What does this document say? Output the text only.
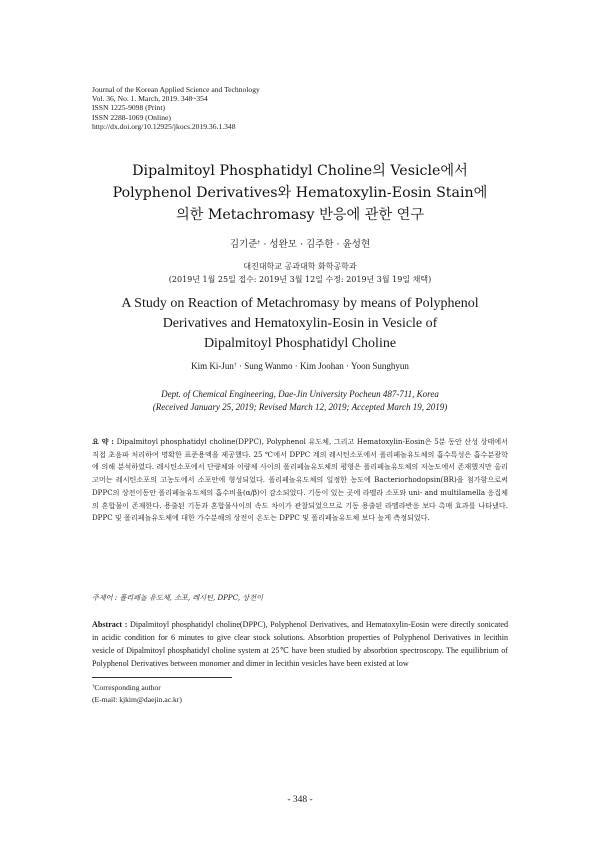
Journal of the Korean Applied Science and Technology
Vol. 36, No. 1. March, 2019. 348~354
ISSN 1225-9098 (Print)
ISSN 2288-1069 (Online)
http://dx.doi.org/10.12925/jkocs.2019.36.1.348
Dipalmitoyl Phosphatidyl Choline의 Vesicle에서
Polyphenol Derivatives와 Hematoxylin-Eosin Stain에
의한 Metachromasy 반응에 관한 연구
김기준† · 성완모 · 김주한 · 윤성현
대진대학교 공과대학 화학공학과
(2019년 1월 25일 접수: 2019년 3월 12일 수정: 2019년 3월 19일 채택)
A Study on Reaction of Metachromasy by means of Polyphenol
Derivatives and Hematoxylin-Eosin in Vesicle of
Dipalmitoyl Phosphatidyl Choline
Kim Ki-Jun† · Sung Wanmo · Kim Joohan · Yoon Sunghyun
Dept. of Chemical Engineering, Dae-Jin University Pocheun 487-711, Korea
(Received January 25, 2019; Revised March 12, 2019; Accepted March 19, 2019)
요 약 : Dipalmitoyl phosphatidyl choline(DPPC), Polyphenol 유도체, 그리고 Hematoxylin-Eosin은 5분 동안 산성 상태에서 직접 초음파 처리하여 명확한 표준용액을 제공했다. 25 ℃에서 DPPC 계의 레시틴소포에서 폴리페놀유도체의 흡수특성은 흡수분광학에 의해 분석하였다. 레시틴소포에서 단량체와 이량체 사이의 폴리페놀유도체의 평형은 폴리페놀유도체의 저농도에서 존재했지만 올리고머는 레시틴소포의 고농도에서 소포안에 형성되었다. 폴리페놀유도체의 일정한 농도에 Bacteriorhodopsin(BR)을 첨가함으로써 DPPC의 상전이동안 폴리페놀유도체의 흡수비율(α/β)이 감소되었다. 기동이 있는 곳에 라멜라 소포와 uni- and multilamella 응집체의 혼합물이 존재한다. 용출된 기동과 혼합물사이의 속도 차이가 관찰되었으므로 기동 용출된 라멜라반응 보다 촉매 효과를 나타냈다. DPPC 및 폴리페놀유도체에 대한 가수분해의 상전이 온도는 DPPC 및 폴리페놀유도체 보다 높게 측정되었다.
주제어 : 폴리페놀 유도체, 소포, 레시틴, DPPC, 상전이
Abstract : Dipalmitoyl phosphatidyl choline(DPPC), Polyphenol Derivatives, and Hematoxylin-Eosin were directly sonicated in acidic condition for 6 minutes to give clear stock solutions. Absorbtion properties of Polyphenol Derivatives in lecithin vesicle of Dipalmitoyl phosphatidyl choline system at 25℃ have been studied by absorbtion spectroscopy. The equilibrium of Polyphenol Derivatives between monomer and dimer in lecithin vesicles have been existed at low
†Corresponding author
(E-mail: kjkim@daejin.ac.kr)
- 348 -
